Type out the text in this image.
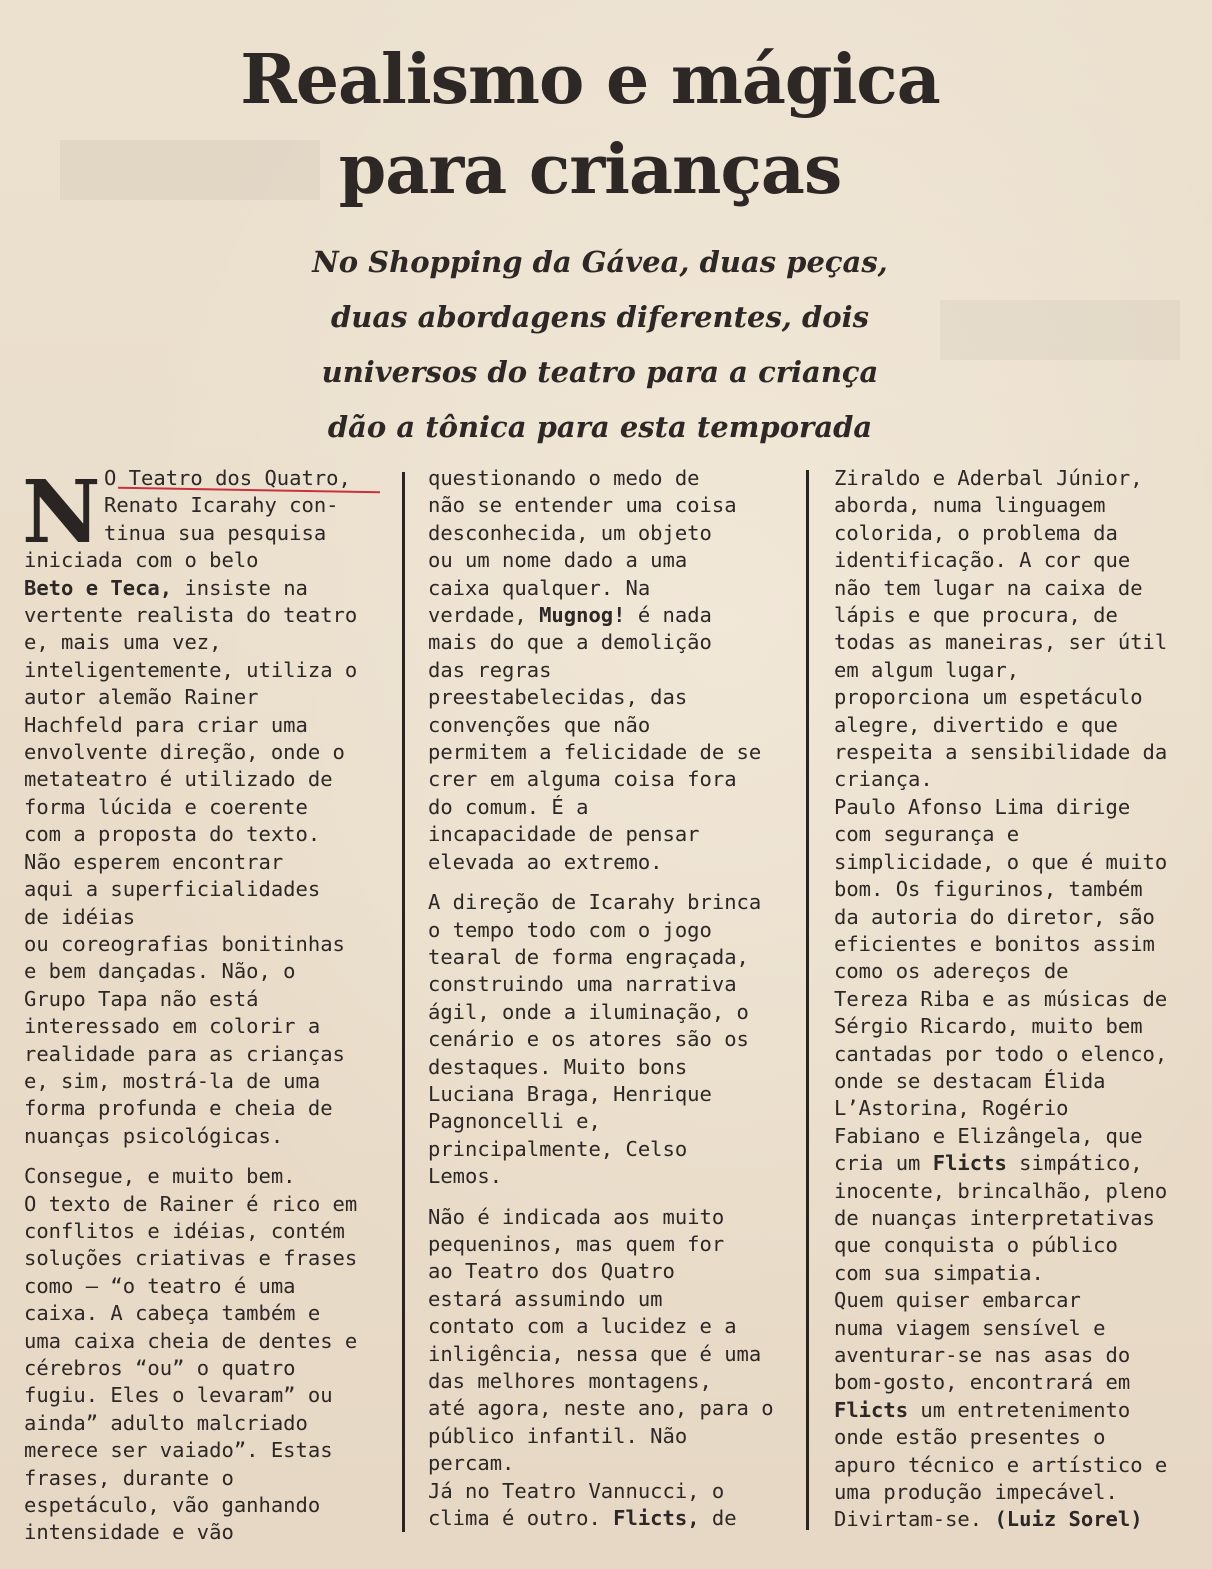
Realismo e mágica
para crianças
No Shopping da Gávea, duas peças,
duas abordagens diferentes, dois
universos do teatro para a criança
dão a tônica para esta temporada
N O Teatro dos Quatro,
Renato Icarahy con-
tinua sua pesquisa
iniciada com o belo
Beto e Teca, insiste na
vertente realista do teatro
e, mais uma vez,
inteligentemente, utiliza o
autor alemão Rainer
Hachfeld para criar uma
envolvente direção, onde o
metateatro é utilizado de
forma lúcida e coerente
com a proposta do texto.
Não esperem encontrar
aqui a superficialidades
de idéias
ou coreografias bonitinhas
e bem dançadas. Não, o
Grupo Tapa não está
interessado em colorir a
realidade para as crianças
e, sim, mostrá-la de uma
forma profunda e cheia de
nuanças psicológicas.
Consegue, e muito bem.
O texto de Rainer é rico em
conflitos e idéias, contém
soluções criativas e frases
como – “o teatro é uma
caixa. A cabeça também e
uma caixa cheia de dentes e
cérebros “ou” o quatro
fugiu. Eles o levaram” ou
ainda” adulto malcriado
merece ser vaiado”. Estas
frases, durante o
espetáculo, vão ganhando
intensidade e vão
questionando o medo de
não se entender uma coisa
desconhecida, um objeto
ou um nome dado a uma
caixa qualquer. Na
verdade, Mugnog! é nada
mais do que a demolição
das regras
preestabelecidas, das
convenções que não
permitem a felicidade de se
crer em alguma coisa fora
do comum. É a
incapacidade de pensar
elevada ao extremo.
A direção de Icarahy brinca
o tempo todo com o jogo
tearal de forma engraçada,
construindo uma narrativa
ágil, onde a iluminação, o
cenário e os atores são os
destaques. Muito bons
Luciana Braga, Henrique
Pagnoncelli e,
principalmente, Celso
Lemos.
Não é indicada aos muito
pequeninos, mas quem for
ao Teatro dos Quatro
estará assumindo um
contato com a lucidez e a
inligência, nessa que é uma
das melhores montagens,
até agora, neste ano, para o
público infantil. Não
percam.
Já no Teatro Vannucci, o
clima é outro. Flicts, de
Ziraldo e Aderbal Júnior,
aborda, numa linguagem
colorida, o problema da
identificação. A cor que
não tem lugar na caixa de
lápis e que procura, de
todas as maneiras, ser útil
em algum lugar,
proporciona um espetáculo
alegre, divertido e que
respeita a sensibilidade da
criança.
Paulo Afonso Lima dirige
com segurança e
simplicidade, o que é muito
bom. Os figurinos, também
da autoria do diretor, são
eficientes e bonitos assim
como os adereços de
Tereza Riba e as músicas de
Sérgio Ricardo, muito bem
cantadas por todo o elenco,
onde se destacam Élida
L’Astorina, Rogério
Fabiano e Elizângela, que
cria um Flicts simpático,
inocente, brincalhão, pleno
de nuanças interpretativas
que conquista o público
com sua simpatia.
Quem quiser embarcar
numa viagem sensível e
aventurar-se nas asas do
bom-gosto, encontrará em
Flicts um entretenimento
onde estão presentes o
apuro técnico e artístico e
uma produção impecável.
Divirtam-se. (Luiz Sorel)
